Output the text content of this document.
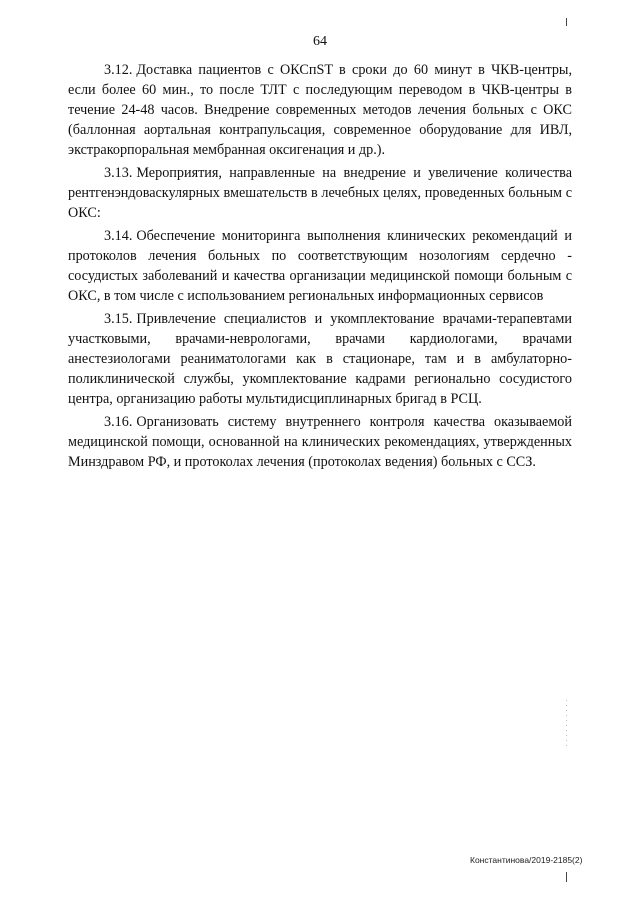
64

3.12. Доставка пациентов с ОКСпST в сроки до 60 минут в ЧКВ-центры, если более 60 мин., то после ТЛТ с последующим переводом в ЧКВ-центры в течение 24-48 часов. Внедрение современных методов лечения больных с ОКС (баллонная аортальная контрапульсация, современное оборудование для ИВЛ, экстракорпоральная мембранная оксигенация и др.).

3.13. Мероприятия, направленные на внедрение и увеличение количества рентгенэндоваскулярных вмешательств в лечебных целях, проведенных больным с ОКС:

3.14. Обеспечение мониторинга выполнения клинических рекомендаций и протоколов лечения больных по соответствующим нозологиям сердечно - сосудистых заболеваний и качества организации медицинской помощи больным с ОКС, в том числе с использованием региональных информационных сервисов

3.15. Привлечение специалистов и укомплектование врачами-терапевтами участковыми, врачами-неврологами, врачами кардиологами, врачами анестезиологами реаниматологами как в стационаре, там и в амбулаторно-поликлинической службы, укомплектование кадрами регионально сосудистого центра, организацию работы мультидисциплинарных бригад в РСЦ.

3.16. Организовать систему внутреннего контроля качества оказываемой медицинской помощи, основанной на клинических рекомендациях, утвержденных Минздравом РФ, и протоколах лечения (протоколах ведения) больных с ССЗ.

Константинова/2019-2185(2)
